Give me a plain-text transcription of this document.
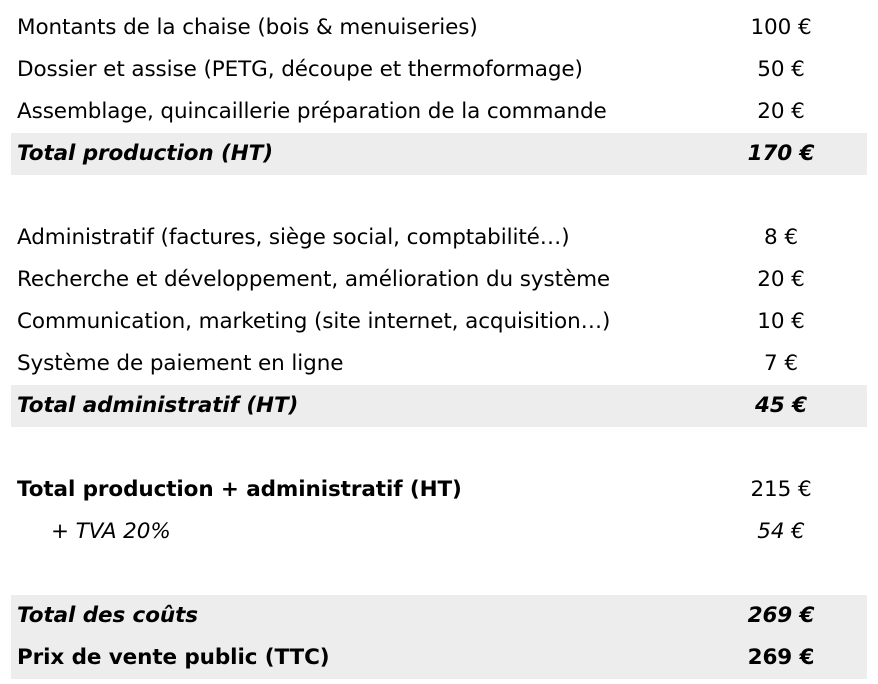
Montants de la chaise (bois & menuiseries)	100 €
Dossier et assise (PETG, découpe et thermoformage)	50 €
Assemblage, quincaillerie préparation de la commande	20 €
Total production (HT)	170 €
Administratif (factures, siège social, comptabilité…)	8 €
Recherche et développement, amélioration du système	20 €
Communication, marketing (site internet, acquisition…)	10 €
Système de paiement en ligne	7 €
Total administratif (HT)	45 €
Total production + administratif (HT)	215 €
+ TVA 20%	54 €
Total des coûts	269 €
Prix de vente public (TTC)	269 €
